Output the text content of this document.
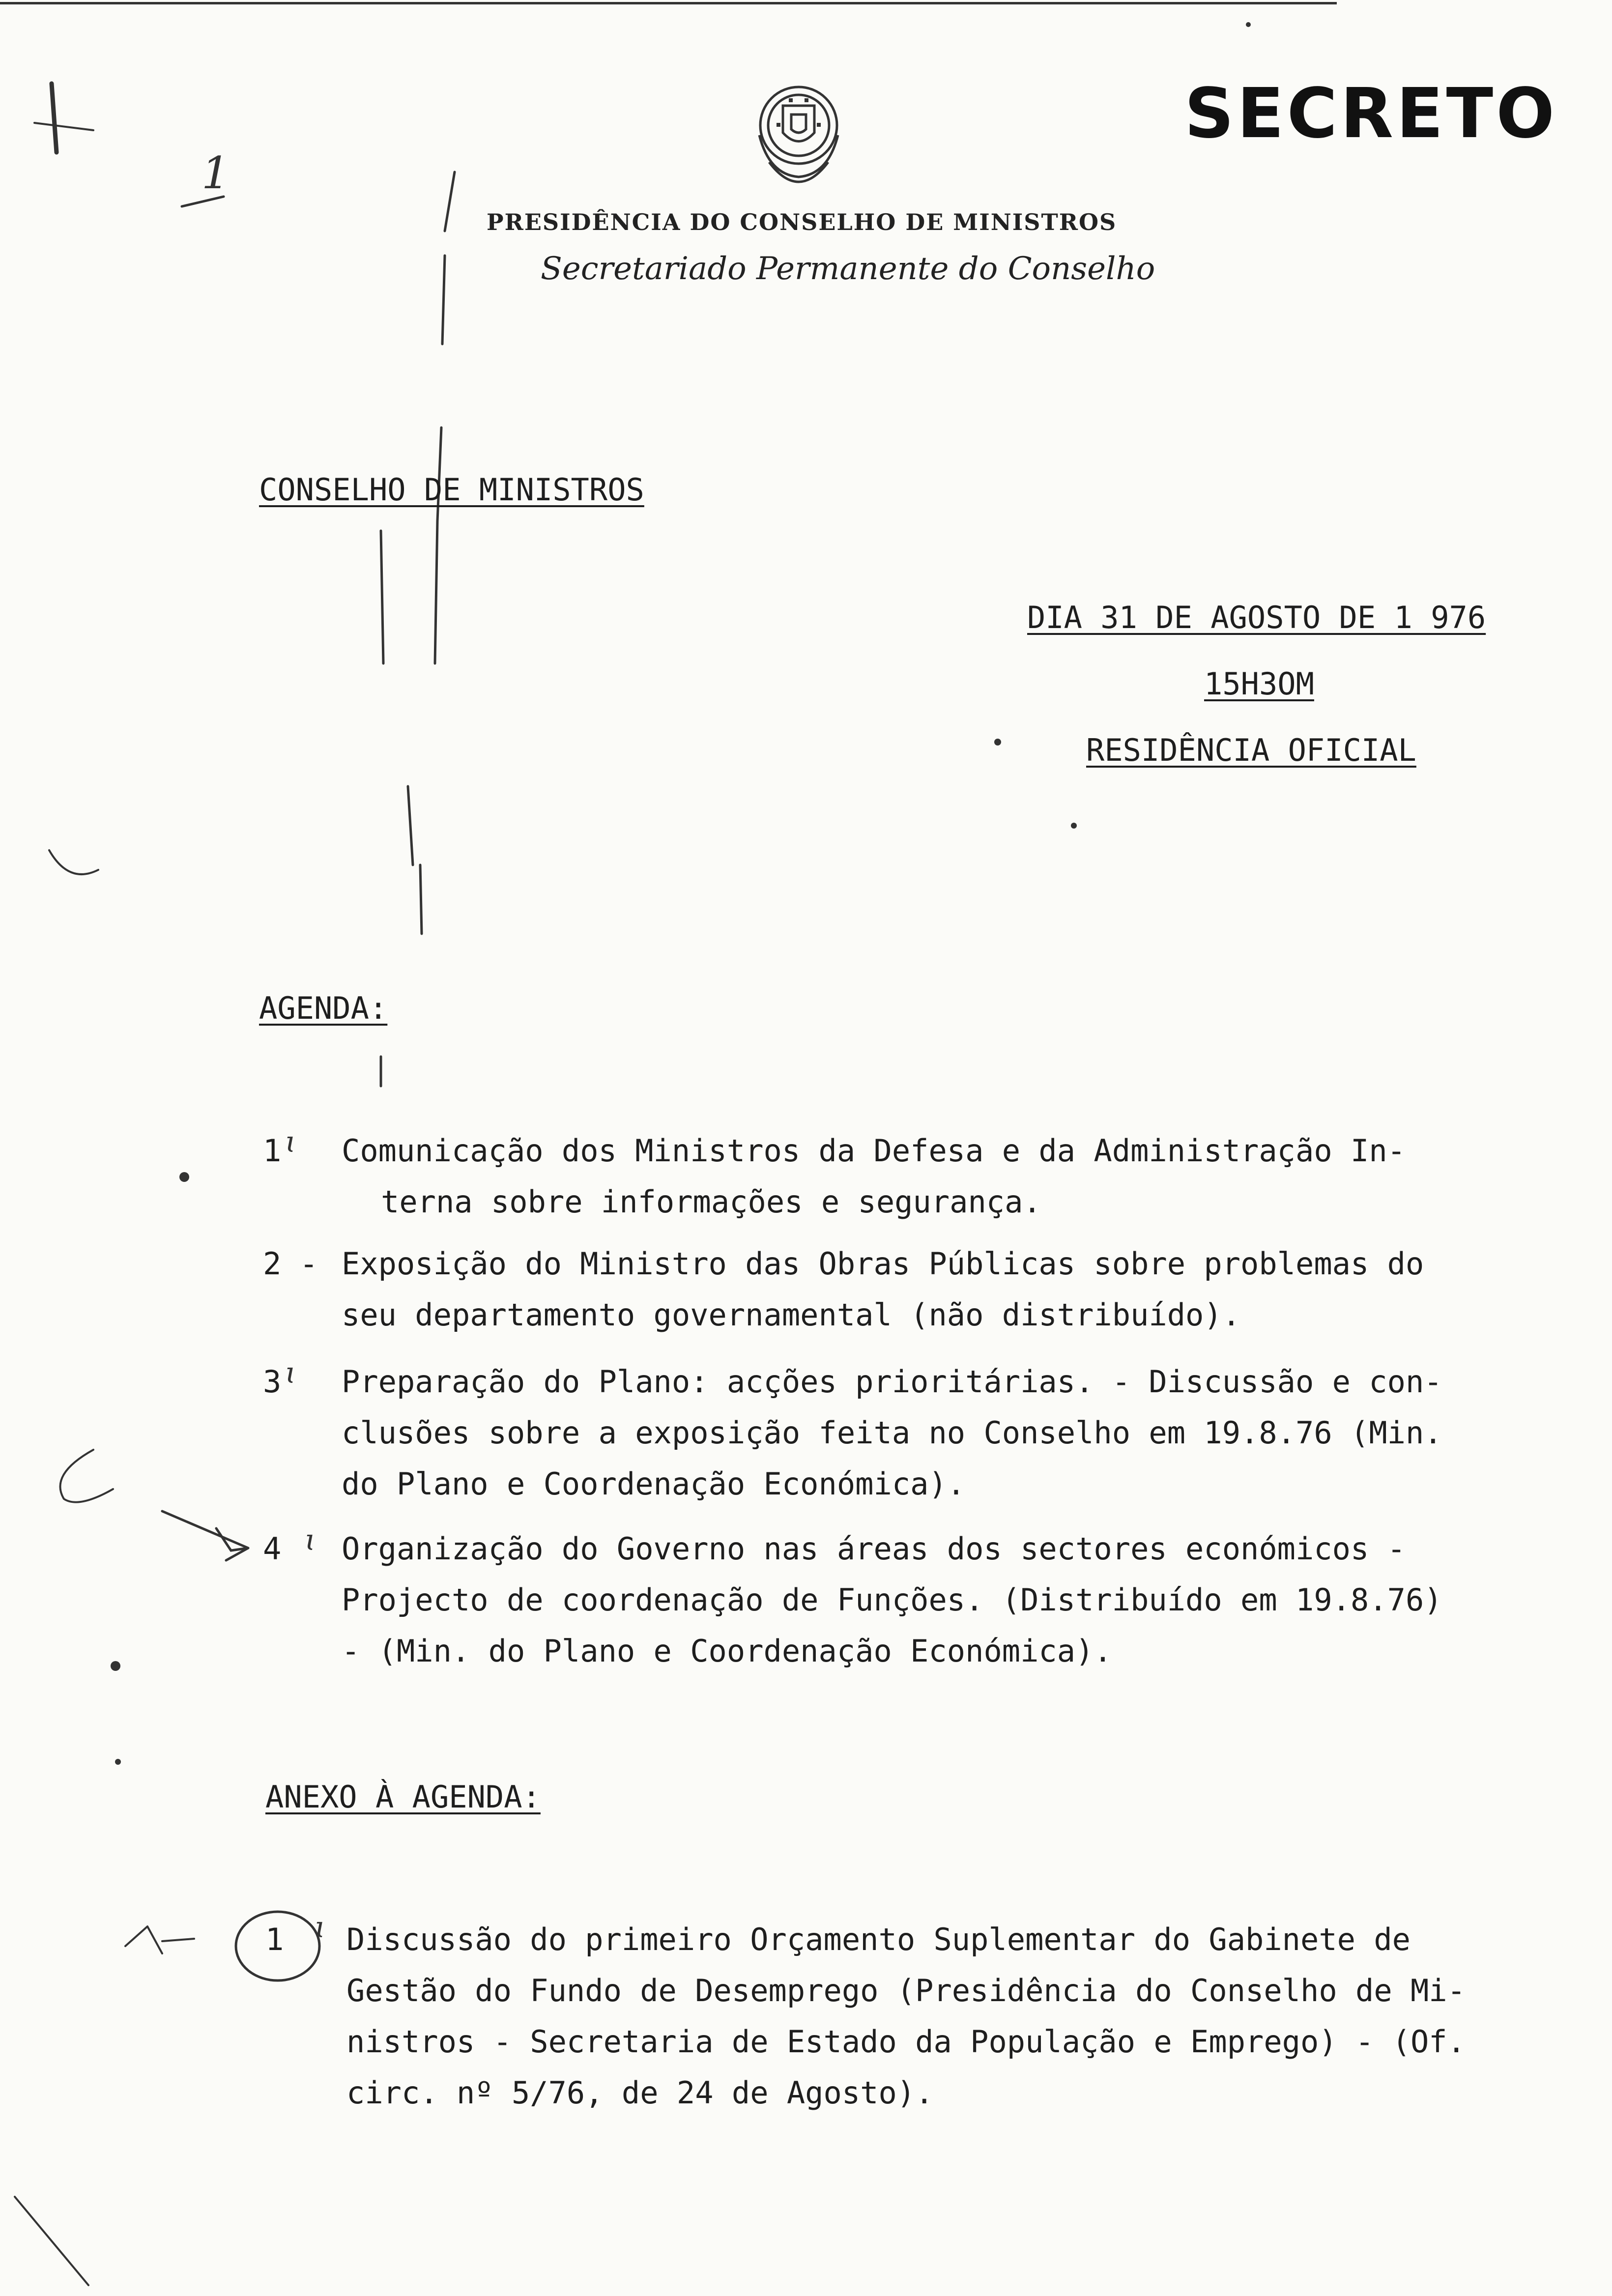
SECRETO
PRESIDÊNCIA DO CONSELHO DE MINISTROS
Secretariado Permanente do Conselho
1
CONSELHO DE MINISTROS
DIA 31 DE AGOSTO DE 1 976
15H3OM
RESIDÊNCIA OFICIAL
AGENDA:
1 ɩ Comunicação dos Ministros da Defesa e da Administração In-
terna sobre informações e segurança.
2 - Exposição do Ministro das Obras Públicas sobre problemas do
seu departamento governamental (não distribuído).
3 ɩ Preparação do Plano: acções prioritárias. - Discussão e con-
clusões sobre a exposição feita no Conselho em 19.8.76 (Min.
do Plano e Coordenação Económica).
4 ɩ Organização do Governo nas áreas dos sectores económicos -
Projecto de coordenação de Funções. (Distribuído em 19.8.76)
- (Min. do Plano e Coordenação Económica).
ANEXO À AGENDA:
1	ɩ Discussão do primeiro Orçamento Suplementar do Gabinete de
Gestão do Fundo de Desemprego (Presidência do Conselho de Mi-
nistros - Secretaria de Estado da População e Emprego) - (Of.
circ. nº 5/76, de 24 de Agosto).
